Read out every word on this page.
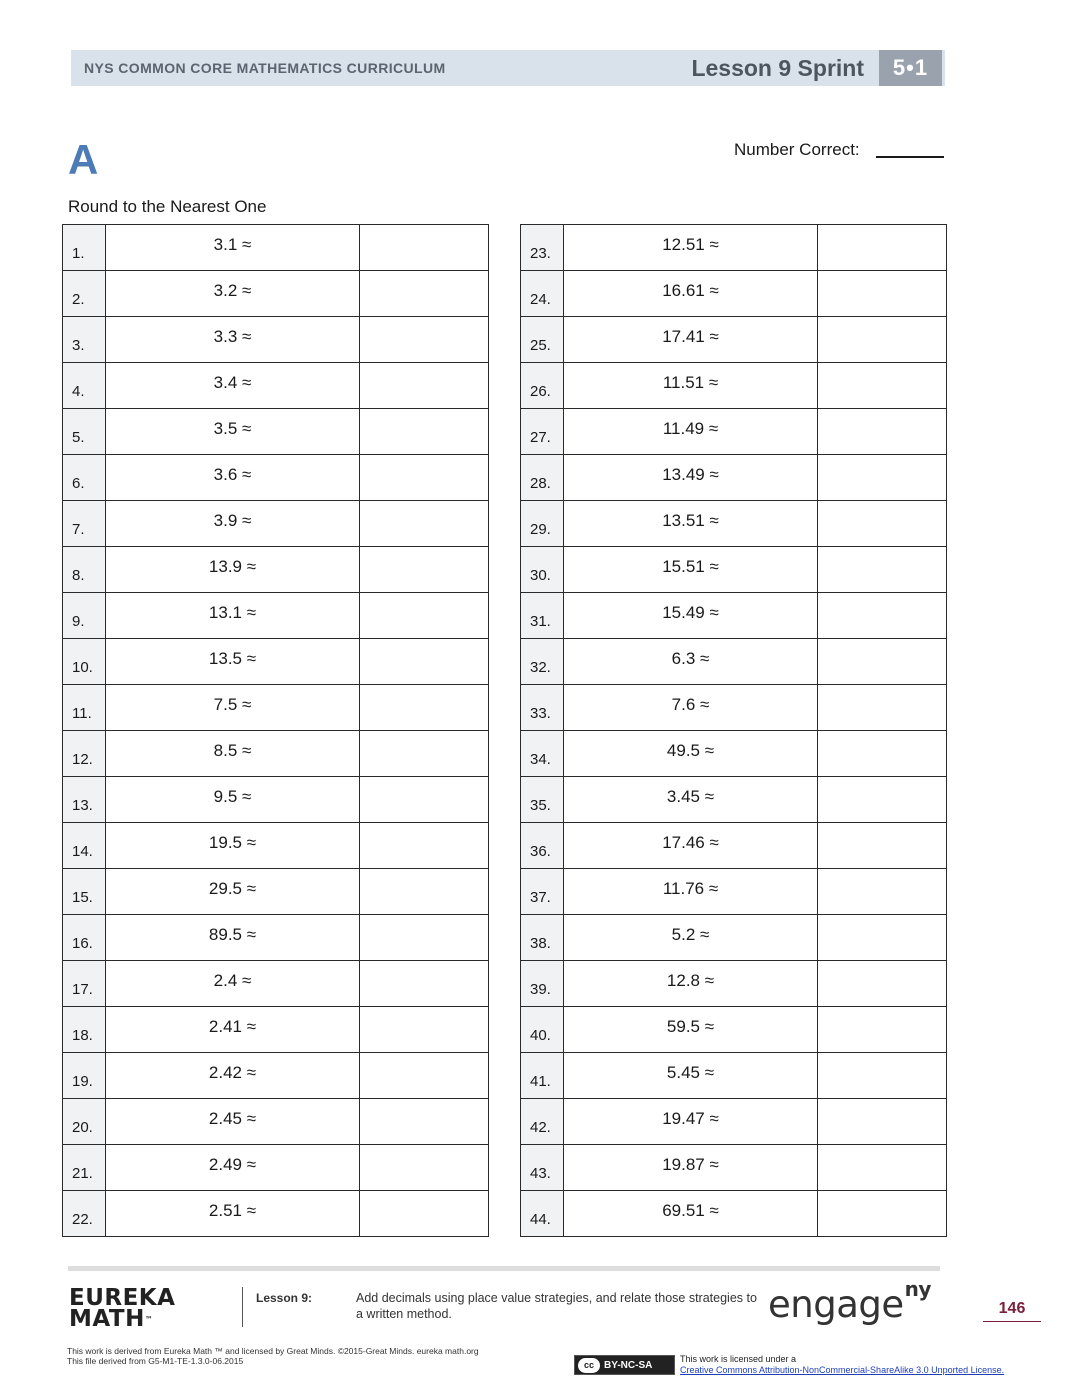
NYS COMMON CORE MATHEMATICS CURRICULUM	Lesson 9 Sprint	5•1
A	Number Correct:
Round to the Nearest One
1.	3.1 ≈	
2.	3.2 ≈	
3.	3.3 ≈	
4.	3.4 ≈	
5.	3.5 ≈	
6.	3.6 ≈	
7.	3.9 ≈	
8.	13.9 ≈	
9.	13.1 ≈	
10.	13.5 ≈	
11.	7.5 ≈	
12.	8.5 ≈	
13.	9.5 ≈	
14.	19.5 ≈	
15.	29.5 ≈	
16.	89.5 ≈	
17.	2.4 ≈	
18.	2.41 ≈	
19.	2.42 ≈	
20.	2.45 ≈	
21.	2.49 ≈	
22.	2.51 ≈	
23.	12.51 ≈	
24.	16.61 ≈	
25.	17.41 ≈	
26.	11.51 ≈	
27.	11.49 ≈	
28.	13.49 ≈	
29.	13.51 ≈	
30.	15.51 ≈	
31.	15.49 ≈	
32.	6.3 ≈	
33.	7.6 ≈	
34.	49.5 ≈	
35.	3.45 ≈	
36.	17.46 ≈	
37.	11.76 ≈	
38.	5.2 ≈	
39.	12.8 ≈	
40.	59.5 ≈	
41.	5.45 ≈	
42.	19.47 ≈	
43.	19.87 ≈	
44.	69.51 ≈	
EUREKA
MATH™
Lesson 9:	Add decimals using place value strategies, and relate those strategies to a written method.	engage$^{ny}$
146
This work is derived from Eureka Math ™ and licensed by Great Minds. ©2015-Great Minds. eureka math.org
This file derived from G5-M1-TE-1.3.0-06.2015	cc	BY-NC-SA
This work is licensed under a
Creative Commons Attribution-NonCommercial-ShareAlike 3.0 Unported License.
